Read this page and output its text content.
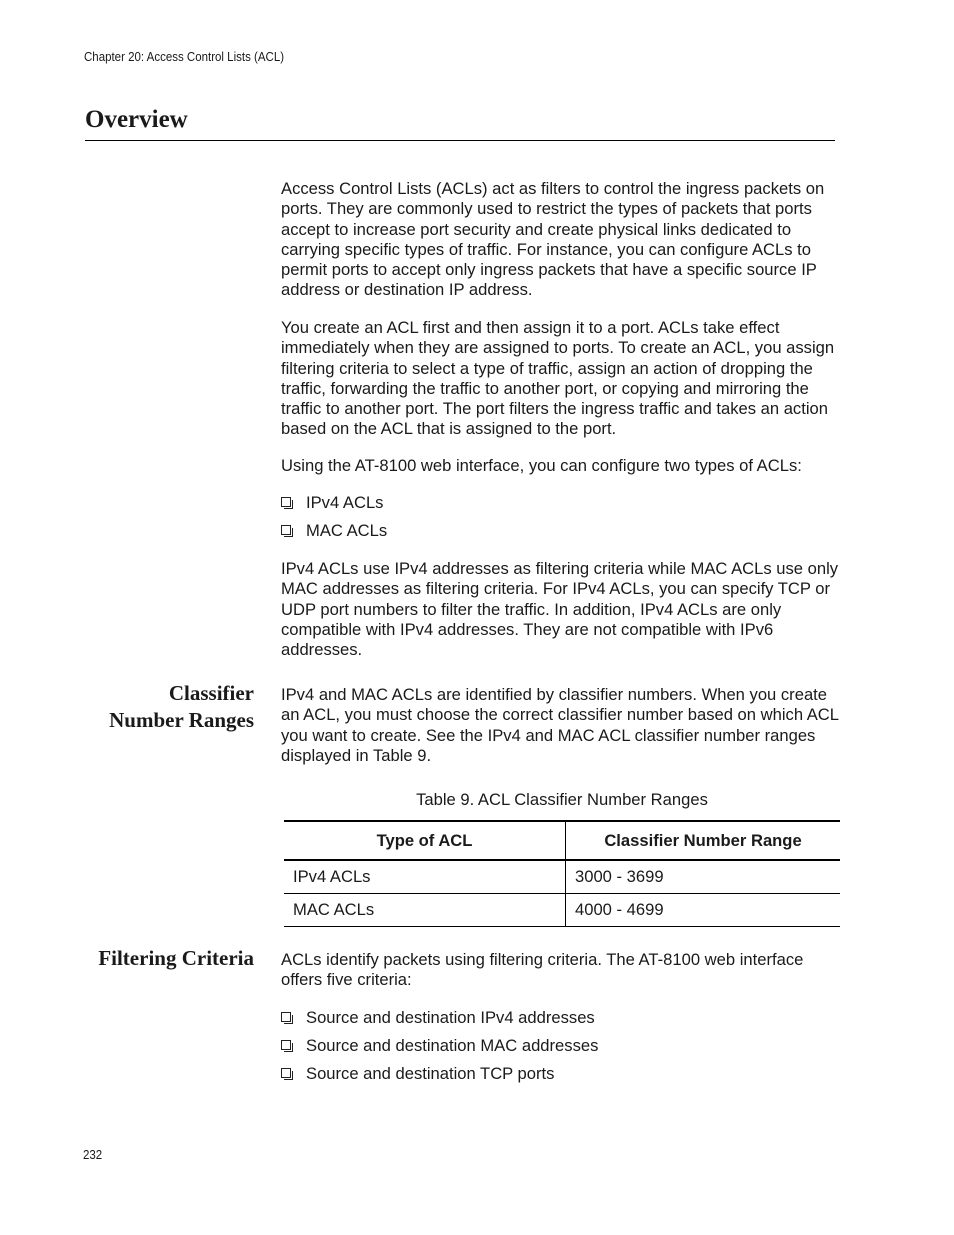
Chapter 20: Access Control Lists (ACL)
Overview

Access Control Lists (ACLs) act as filters to control the ingress packets on ports. They are commonly used to restrict the types of packets that ports accept to increase port security and create physical links dedicated to carrying specific types of traffic. For instance, you can configure ACLs to permit ports to accept only ingress packets that have a specific source IP address or destination IP address.

You create an ACL first and then assign it to a port. ACLs take effect immediately when they are assigned to ports. To create an ACL, you assign filtering criteria to select a type of traffic, assign an action of dropping the traffic, forwarding the traffic to another port, or copying and mirroring the traffic to another port. The port filters the ingress traffic and takes an action based on the ACL that is assigned to the port.

Using the AT-8100 web interface, you can configure two types of ACLs:

IPv4 ACLs
MAC ACLs

IPv4 ACLs use IPv4 addresses as filtering criteria while MAC ACLs use only MAC addresses as filtering criteria. For IPv4 ACLs, you can specify TCP or UDP port numbers to filter the traffic. In addition, IPv4 ACLs are only compatible with IPv4 addresses. They are not compatible with IPv6 addresses.

Classifier
Number Ranges

IPv4 and MAC ACLs are identified by classifier numbers. When you create an ACL, you must choose the correct classifier number based on which ACL you want to create. See the IPv4 and MAC ACL classifier number ranges displayed in Table 9.

Table 9. ACL Classifier Number Ranges
Type of ACL	Classifier Number Range
IPv4 ACLs	3000 - 3699
MAC ACLs	4000 - 4699
Filtering Criteria ACLs identify packets using filtering criteria. The AT-8100 web interface offers five criteria:

Source and destination IPv4 addresses
Source and destination MAC addresses
Source and destination TCP ports
232
